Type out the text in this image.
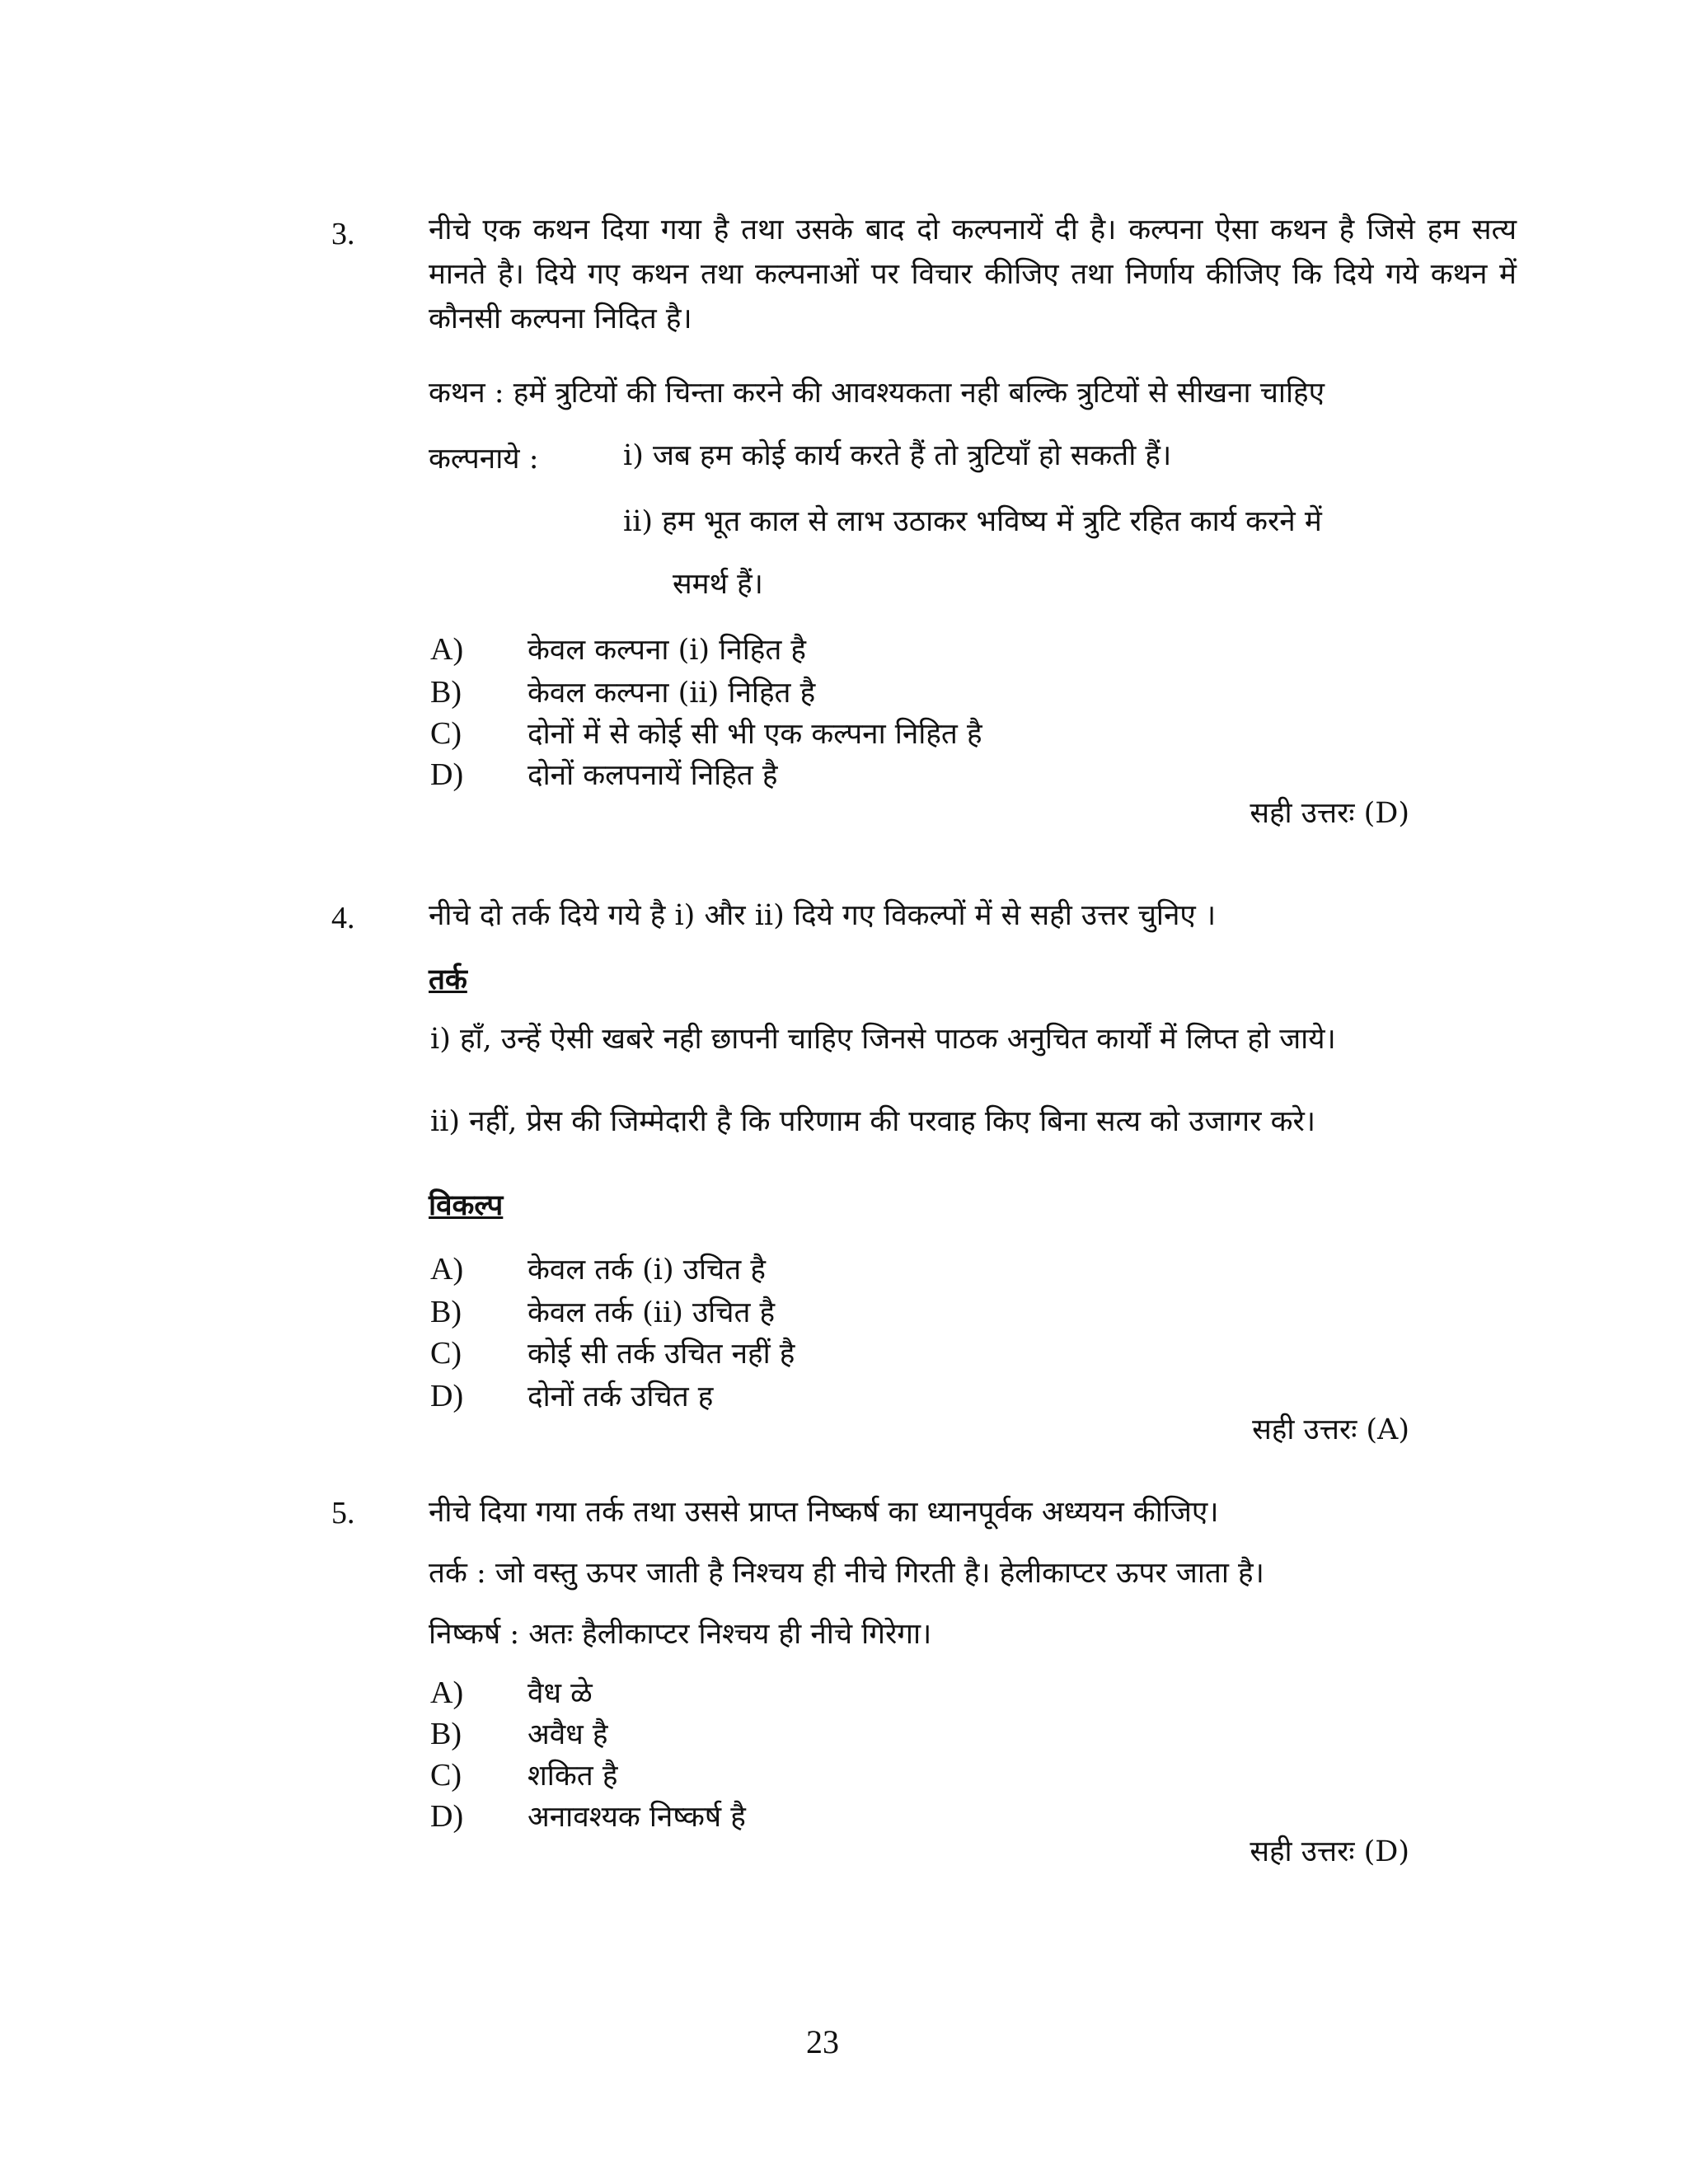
3.	नीचे एक कथन दिया गया है तथा उसके बाद दो कल्पनायें दी है। कल्पना ऐसा कथन है जिसे हम सत्य मानते है। दिये गए कथन तथा कल्पनाओं पर विचार कीजिए तथा निर्णाय कीजिए कि दिये गये कथन में कौनसी कल्पना निदित है।
कथन : हमें त्रुटियों की चिन्ता करने की आवश्यकता नही बल्कि त्रुटियों से सीखना चाहिए
कल्पनाये :	i) जब हम कोई कार्य करते हैं तो त्रुटियाँ हो सकती हैं।
ii) हम भूत काल से लाभ उठाकर भविष्य में त्रुटि रहित कार्य करने में
समर्थ हैं।
A) केवल कल्पना (i) निहित है
B) केवल कल्पना (ii) निहित है
C) दोनों में से कोई सी भी एक कल्पना निहित है
D) दोनों कलपनायें निहित है
सही उत्तरः (D)
4.	नीचे दो तर्क दिये गये है i) और ii) दिये गए विकल्पों में से सही उत्तर चुनिए ।
तर्क
i) हाँ, उन्हें ऐसी खबरे नही छापनी चाहिए जिनसे पाठक अनुचित कार्यों में लिप्त हो जाये।
ii) नहीं, प्रेस की जिम्मेदारी है कि परिणाम की परवाह किए बिना सत्य को उजागर करे।
विकल्प
A) केवल तर्क (i) उचित है
B) केवल तर्क (ii) उचित है
C) कोई सी तर्क उचित नहीं है
D) दोनों तर्क उचित ह
सही उत्तरः (A)
5.	नीचे दिया गया तर्क तथा उससे प्राप्त निष्कर्ष का ध्यानपूर्वक अध्ययन कीजिए।
तर्क : जो वस्तु ऊपर जाती है निश्चय ही नीचे गिरती है। हेलीकाप्टर ऊपर जाता है।
निष्कर्ष : अतः हैलीकाप्टर निश्चय ही नीचे गिरेगा।
A) वैध ळे
B) अवैध है
C) शकित है
D) अनावश्यक निष्कर्ष है
सही उत्तरः (D)
23
